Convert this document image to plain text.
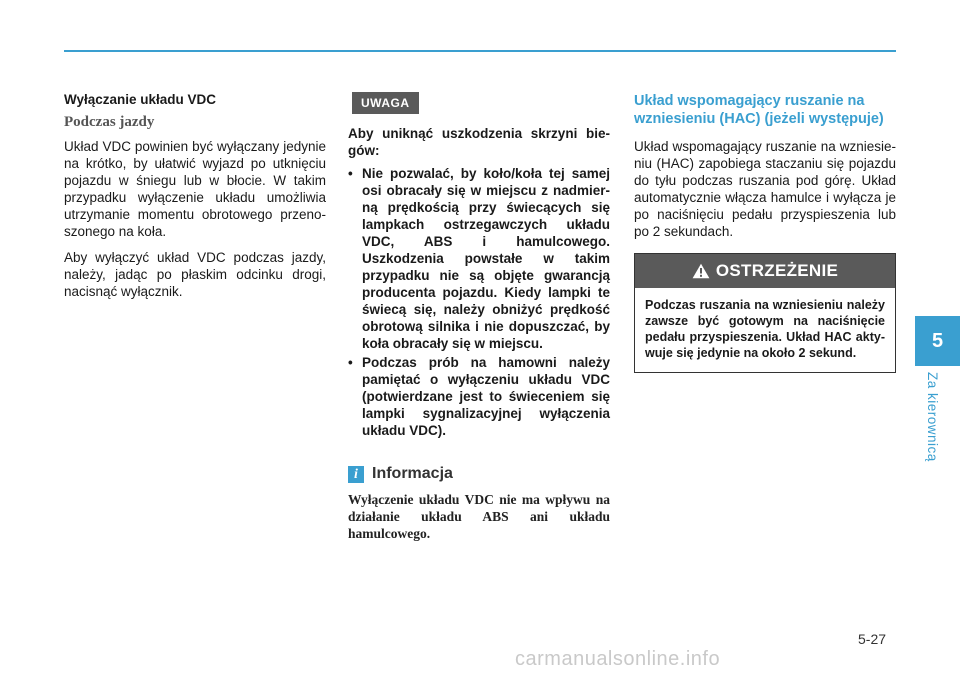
Wyłączanie układu VDC
Podczas jazdy

Układ VDC powinien być wyłączany jedynie na krótko, by ułatwić wyjazd po utknięciu pojazdu w śniegu lub w błocie. W takim przypadku wyłączenie układu umożliwia utrzymanie momentu obrotowego przenoszonego na koła.

Aby wyłączyć układ VDC podczas jazdy, należy, jadąc po płaskim odcinku drogi, nacisnąć wyłącznik.

UWAGA
Aby uniknąć uszkodzenia skrzyni biegów:
• Nie pozwalać, by koło/koła tej samej osi obracały się w miejscu z nadmierną prędkością przy świecących się lampkach ostrzegawczych układu VDC, ABS i hamulcowego. Uszkodzenia powstałe w takim przypadku nie są objęte gwarancją producenta pojazdu. Kiedy lampki te świecą się, należy obniżyć prędkość obrotową silnika i nie dopuszczać, by koła obracały się w miejscu.
• Podczas prób na hamowni należy pamiętać o wyłączeniu układu VDC (potwierdzane jest to świeceniem się lampki sygnalizacyjnej wyłączenia układu VDC).
i Informacja
Wyłączenie układu VDC nie ma wpływu na działanie układu ABS ani układu hamulcowego.
Układ wspomagający ruszanie na wzniesieniu (HAC) (jeżeli występuje)

Układ wspomagający ruszanie na wzniesieniu (HAC) zapobiega staczaniu się pojazdu do tyłu podczas ruszania pod górę. Układ automatycznie włącza hamulce i wyłącza je po naciśnięciu pedału przyspieszenia lub po 2 sekundach.

OSTRZEŻENIE
Podczas ruszania na wzniesieniu należy zawsze być gotowym na naciśnięcie pedału przyspieszenia. Układ HAC aktywuje się jedynie na około 2 sekund.
5
Za kierownicą
5-27
carmanualsonline.info
